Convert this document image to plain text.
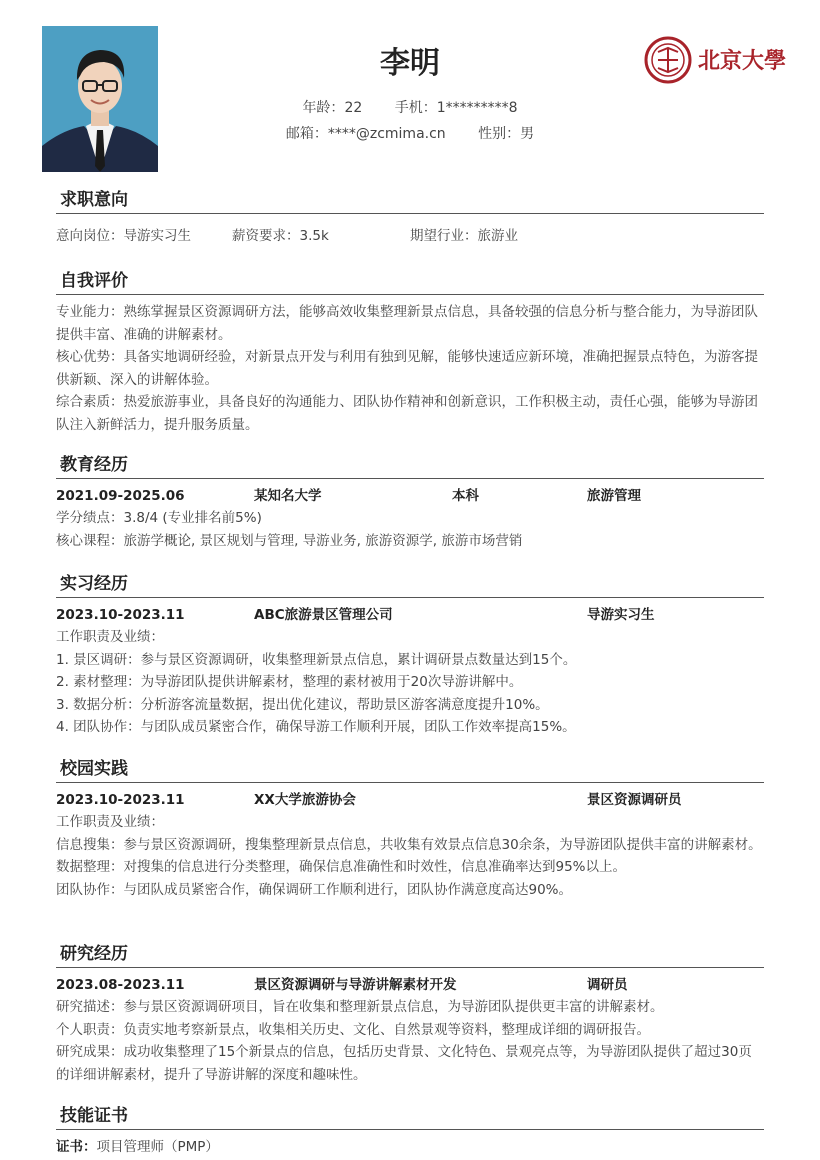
李明
年龄：22 手机：1*********8
邮箱：****@zcmima.cn 性别：男
北京大學
求职意向
意向岗位：导游实习生	薪资要求：3.5k	期望行业：旅游业
自我评价

专业能力：熟练掌握景区资源调研方法，能够高效收集整理新景点信息，具备较强的信息分析与整合能力，为导游团队提供丰富、准确的讲解素材。

核心优势：具备实地调研经验，对新景点开发与利用有独到见解，能够快速适应新环境，准确把握景点特色，为游客提供新颖、深入的讲解体验。

综合素质：热爱旅游事业，具备良好的沟通能力、团队协作精神和创新意识，工作积极主动，责任心强，能够为导游团队注入新鲜活力，提升服务质量。

教育经历
2021.09-2025.06	某知名大学	本科	旅游管理

学分绩点：3.8/4 (专业排名前5%)

核心课程：旅游学概论, 景区规划与管理, 导游业务, 旅游资源学, 旅游市场营销

实习经历
2023.10-2023.11	ABC旅游景区管理公司	导游实习生

工作职责及业绩：

1. 景区调研：参与景区资源调研，收集整理新景点信息，累计调研景点数量达到15个。

2. 素材整理：为导游团队提供讲解素材，整理的素材被用于20次导游讲解中。

3. 数据分析：分析游客流量数据，提出优化建议，帮助景区游客满意度提升10%。

4. 团队协作：与团队成员紧密合作，确保导游工作顺利开展，团队工作效率提高15%。

校园实践
2023.10-2023.11	XX大学旅游协会	景区资源调研员

工作职责及业绩：

信息搜集：参与景区资源调研，搜集整理新景点信息，共收集有效景点信息30余条，为导游团队提供丰富的讲解素材。

数据整理：对搜集的信息进行分类整理，确保信息准确性和时效性，信息准确率达到95%以上。

团队协作：与团队成员紧密合作，确保调研工作顺利进行，团队协作满意度高达90%。

研究经历
2023.08-2023.11	景区资源调研与导游讲解素材开发	调研员

研究描述：参与景区资源调研项目，旨在收集和整理新景点信息，为导游团队提供更丰富的讲解素材。

个人职责：负责实地考察新景点，收集相关历史、文化、自然景观等资料，整理成详细的调研报告。

研究成果：成功收集整理了15个新景点的信息，包括历史背景、文化特色、景观亮点等，为导游团队提供了超过30页的详细讲解素材，提升了导游讲解的深度和趣味性。

技能证书

证书：项目管理师（PMP）
